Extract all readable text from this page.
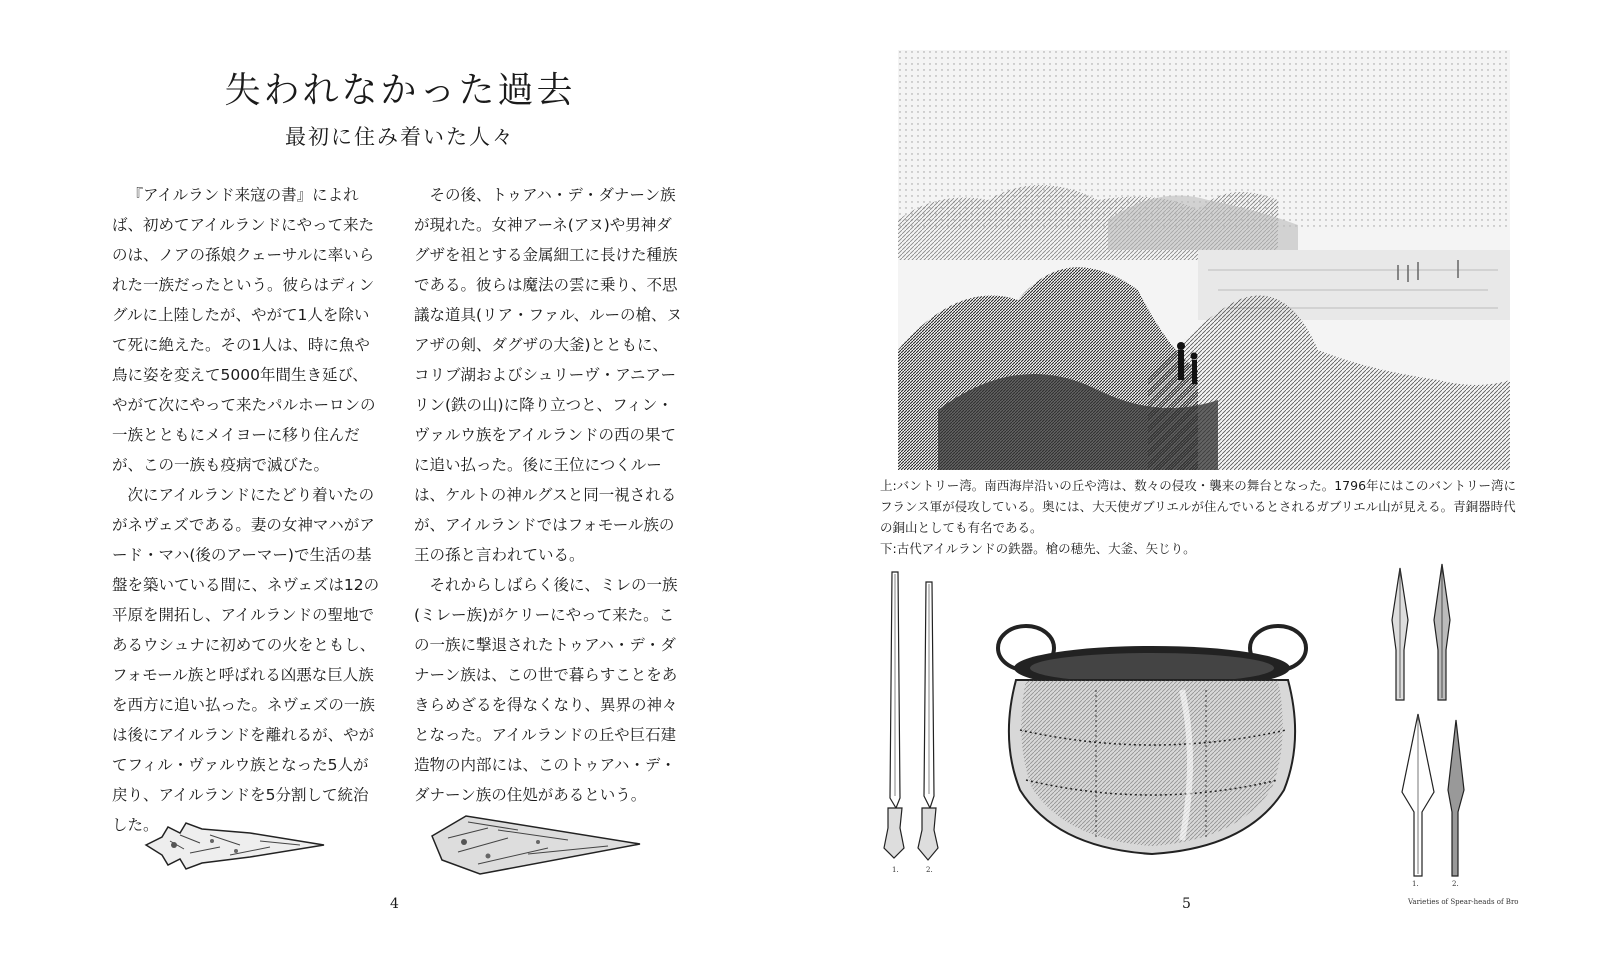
失われなかった過去
最初に住み着いた人々

『アイルランド来寇の書』によれば、初めてアイルランドにやって来たのは、ノアの孫娘クェーサルに率いられた一族だったという。彼らはディングルに上陸したが、やがて1人を除いて死に絶えた。その1人は、時に魚や鳥に姿を変えて5000年間生き延び、やがて次にやって来たパルホーロンの一族とともにメイヨーに移り住んだが、この一族も疫病で滅びた。

次にアイルランドにたどり着いたのがネヴェズである。妻の女神マハがアード・マハ(後のアーマー)で生活の基盤を築いている間に、ネヴェズは12の平原を開拓し、アイルランドの聖地であるウシュナに初めての火をともし、フォモール族と呼ばれる凶悪な巨人族を西方に追い払った。ネヴェズの一族は後にアイルランドを離れるが、やがてフィル・ヴァルウ族となった5人が戻り、アイルランドを5分割して統治した。

その後、トゥアハ・デ・ダナーン族が現れた。女神アーネ(アヌ)や男神ダグザを祖とする金属細工に長けた種族である。彼らは魔法の雲に乗り、不思議な道具(リア・ファル、ルーの槍、ヌアザの剣、ダグザの大釜)とともに、コリブ湖およびシュリーヴ・アニアーリン(鉄の山)に降り立つと、フィン・ヴァルウ族をアイルランドの西の果てに追い払った。後に王位につくルーは、ケルトの神ルグスと同一視されるが、アイルランドではフォモール族の王の孫と言われている。

それからしばらく後に、ミレの一族(ミレー族)がケリーにやって来た。この一族に撃退されたトゥアハ・デ・ダナーン族は、この世で暮らすことをあきらめざるを得なくなり、異界の神々となった。アイルランドの丘や巨石建造物の内部には、このトゥアハ・デ・ダナーン族の住処があるという。

4
上:バントリー湾。南西海岸沿いの丘や湾は、数々の侵攻・襲来の舞台となった。1796年にはこのバントリー湾にフランス軍が侵攻している。奥には、大天使ガブリエルが住んでいるとされるガブリエル山が見える。青銅器時代の銅山としても有名である。
下:古代アイルランドの鉄器。槍の穂先、大釜、矢じり。
1.	2.
1.	2.
Varieties of Spear-heads of Bro
5
